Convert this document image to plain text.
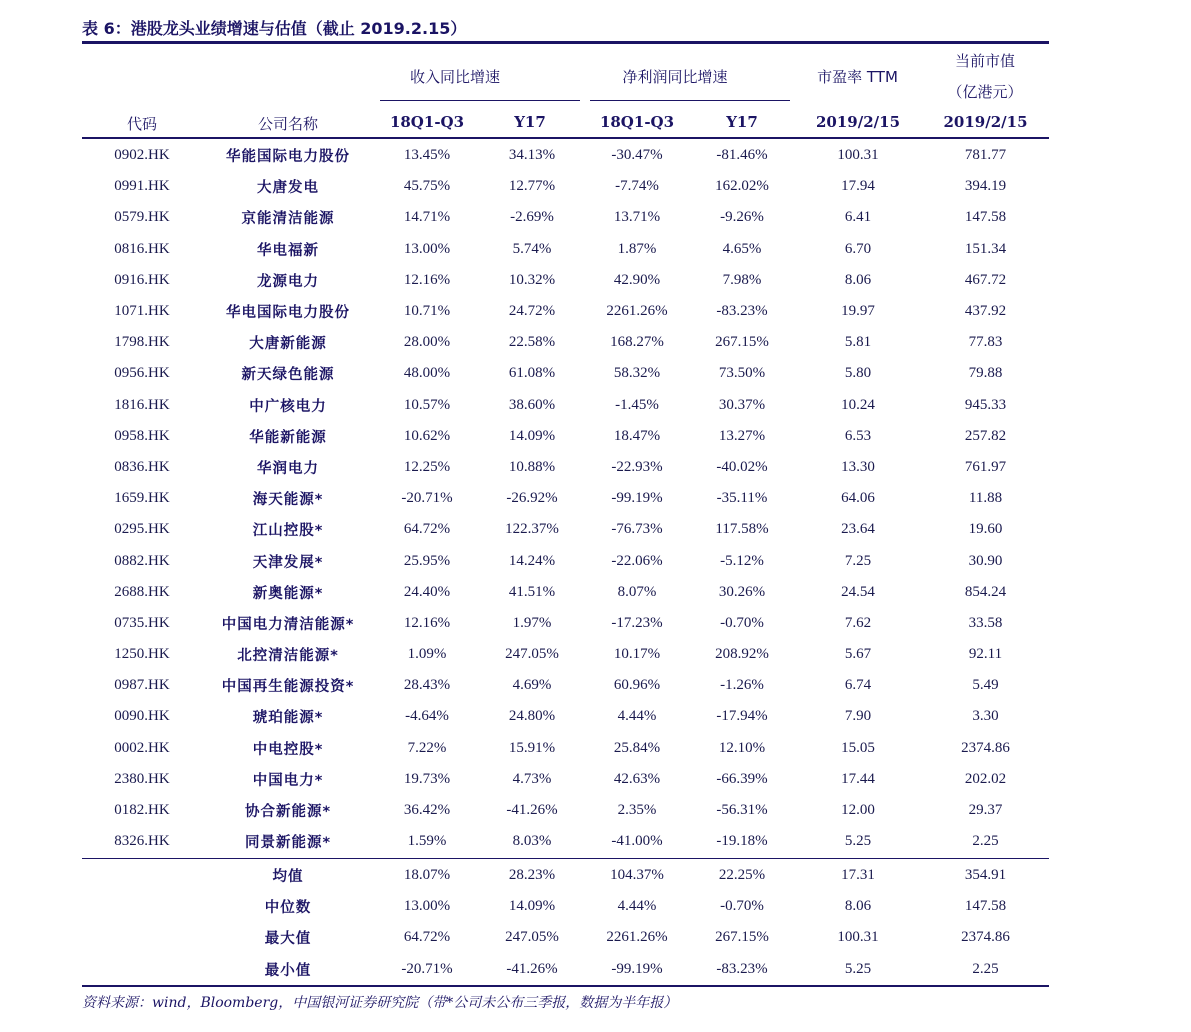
表 6：港股龙头业绩增速与估值（截止 2019.2.15）
收入同比增速	净利润同比增速	市盈率 TTM
当前市值
（亿港元）
代码	公司名称	18Q1-Q3	Y17	18Q1-Q3	Y17	2019/2/15	2019/2/15
0902.HK	华能国际电力股份	13.45%	34.13%	-30.47%	-81.46%	100.31	781.77
0991.HK	大唐发电	45.75%	12.77%	-7.74%	162.02%	17.94	394.19
0579.HK	京能清洁能源	14.71%	-2.69%	13.71%	-9.26%	6.41	147.58
0816.HK	华电福新	13.00%	5.74%	1.87%	4.65%	6.70	151.34
0916.HK	龙源电力	12.16%	10.32%	42.90%	7.98%	8.06	467.72
1071.HK	华电国际电力股份	10.71%	24.72%	2261.26%	-83.23%	19.97	437.92
1798.HK	大唐新能源	28.00%	22.58%	168.27%	267.15%	5.81	77.83
0956.HK	新天绿色能源	48.00%	61.08%	58.32%	73.50%	5.80	79.88
1816.HK	中广核电力	10.57%	38.60%	-1.45%	30.37%	10.24	945.33
0958.HK	华能新能源	10.62%	14.09%	18.47%	13.27%	6.53	257.82
0836.HK	华润电力	12.25%	10.88%	-22.93%	-40.02%	13.30	761.97
1659.HK	海天能源*	-20.71%	-26.92%	-99.19%	-35.11%	64.06	11.88
0295.HK	江山控股*	64.72%	122.37%	-76.73%	117.58%	23.64	19.60
0882.HK	天津发展*	25.95%	14.24%	-22.06%	-5.12%	7.25	30.90
2688.HK	新奥能源*	24.40%	41.51%	8.07%	30.26%	24.54	854.24
0735.HK	中国电力清洁能源*	12.16%	1.97%	-17.23%	-0.70%	7.62	33.58
1250.HK	北控清洁能源*	1.09%	247.05%	10.17%	208.92%	5.67	92.11
0987.HK	中国再生能源投资*	28.43%	4.69%	60.96%	-1.26%	6.74	5.49
0090.HK	琥珀能源*	-4.64%	24.80%	4.44%	-17.94%	7.90	3.30
0002.HK	中电控股*	7.22%	15.91%	25.84%	12.10%	15.05	2374.86
2380.HK	中国电力*	19.73%	4.73%	42.63%	-66.39%	17.44	202.02
0182.HK	协合新能源*	36.42%	-41.26%	2.35%	-56.31%	12.00	29.37
8326.HK	同景新能源*	1.59%	8.03%	-41.00%	-19.18%	5.25	2.25
	均值	18.07%	28.23%	104.37%	22.25%	17.31	354.91
	中位数	13.00%	14.09%	4.44%	-0.70%	8.06	147.58
	最大值	64.72%	247.05%	2261.26%	267.15%	100.31	2374.86
	最小值	-20.71%	-41.26%	-99.19%	-83.23%	5.25	2.25
资料来源：wind，Bloomberg，中国银河证券研究院（带*公司未公布三季报，数据为半年报）
